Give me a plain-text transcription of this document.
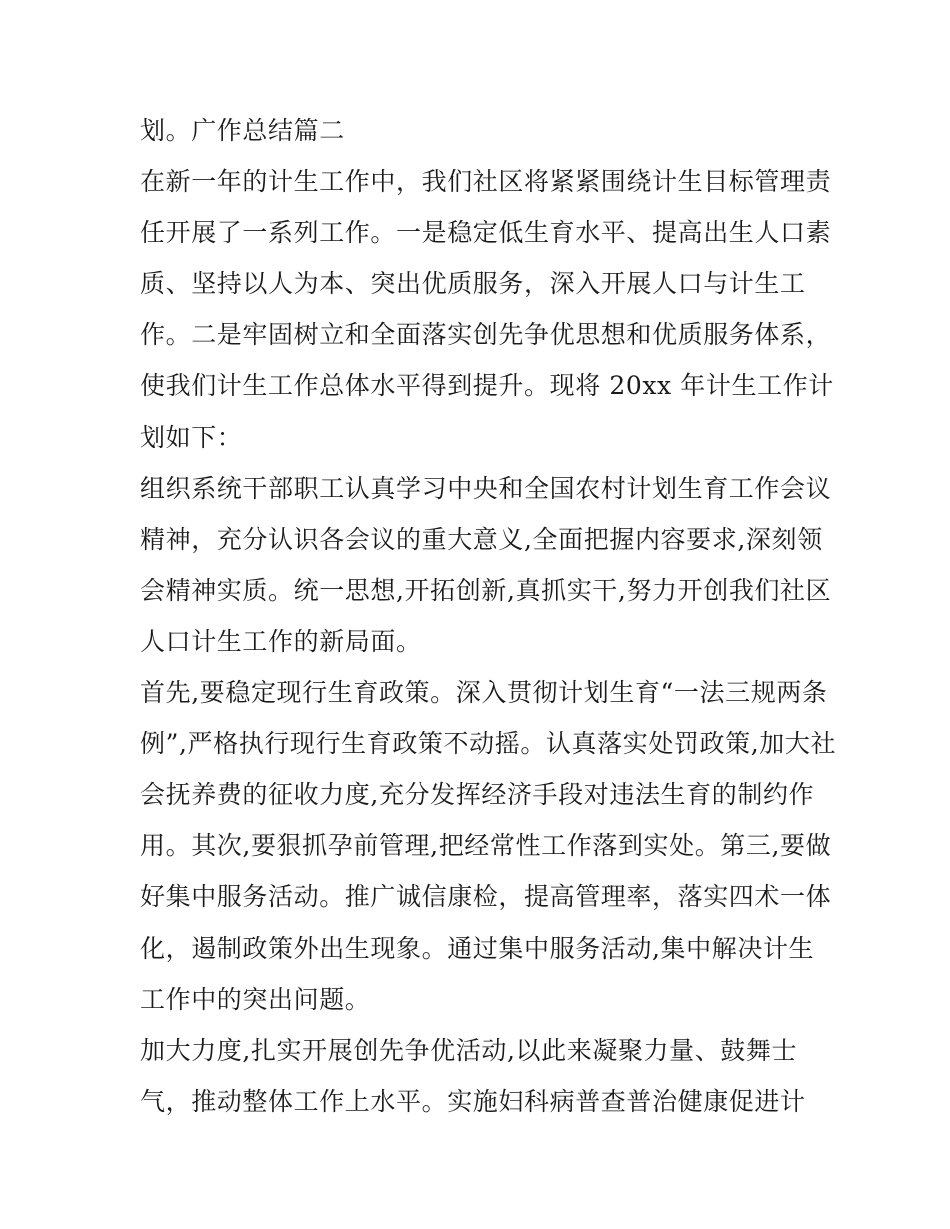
划。广作总结篇二
在新一年的计生工作中，我们社区将紧紧围绕计生目标管理责
任开展了一系列工作。一是稳定低生育水平、提高出生人口素
质、坚持以人为本、突出优质服务，深入开展人口与计生工
作。二是牢固树立和全面落实创先争优思想和优质服务体系，
使我们计生工作总体水平得到提升。现将 20xx 年计生工作计
划如下：
组织系统干部职工认真学习中央和全国农村计划生育工作会议
精神，充分认识各会议的重大意义,全面把握内容要求,深刻领
会精神实质。统一思想,开拓创新,真抓实干,努力开创我们社区
人口计生工作的新局面。
首先,要稳定现行生育政策。深入贯彻计划生育“一法三规两条
例”,严格执行现行生育政策不动摇。认真落实处罚政策,加大社
会抚养费的征收力度,充分发挥经济手段对违法生育的制约作
用。其次,要狠抓孕前管理,把经常性工作落到实处。第三,要做
好集中服务活动。推广诚信康检，提高管理率，落实四术一体
化，遏制政策外出生现象。通过集中服务活动,集中解决计生
工作中的突出问题。
加大力度,扎实开展创先争优活动,以此来凝聚力量、鼓舞士
气，推动整体工作上水平。实施妇科病普查普治健康促进计
